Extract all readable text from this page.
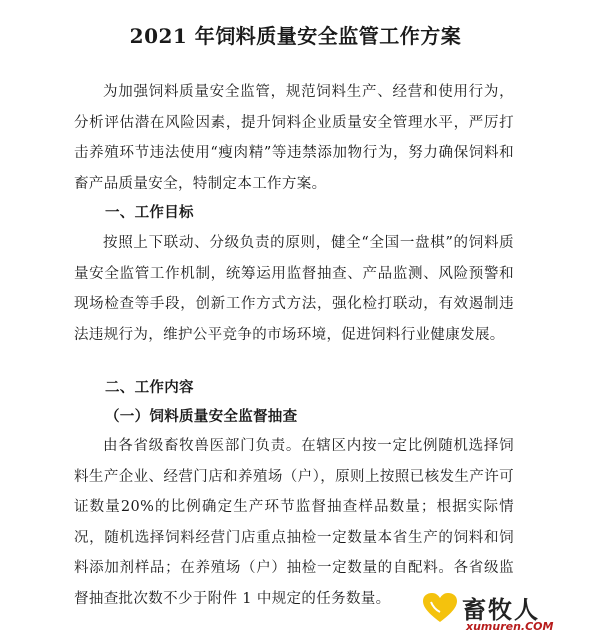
2021 年饲料质量安全监管工作方案

为加强饲料质量安全监管，规范饲料生产、经营和使用行为，分析评估潜在风险因素，提升饲料企业质量安全管理水平，严厉打击养殖环节违法使用“瘦肉精”等违禁添加物行为，努力确保饲料和畜产品质量安全，特制定本工作方案。

一、工作目标

按照上下联动、分级负责的原则，健全“全国一盘棋”的饲料质量安全监管工作机制，统筹运用监督抽查、产品监测、风险预警和现场检查等手段，创新工作方式方法，强化检打联动，有效遏制违法违规行为，维护公平竞争的市场环境，促进饲料行业健康发展。

二、工作内容
（一）饲料质量安全监督抽查

由各省级畜牧兽医部门负责。在辖区内按一定比例随机选择饲料生产企业、经营门店和养殖场（户），原则上按照已核发生产许可证数量20%的比例确定生产环节监督抽查样品数量；根据实际情况，随机选择饲料经营门店重点抽检一定数量本省生产的饲料和饲料添加剂样品；在养殖场（户）抽检一定数量的自配料。各省级监督抽查批次数不少于附件 1 中规定的任务数量。	畜牧人
xumuren.COM
